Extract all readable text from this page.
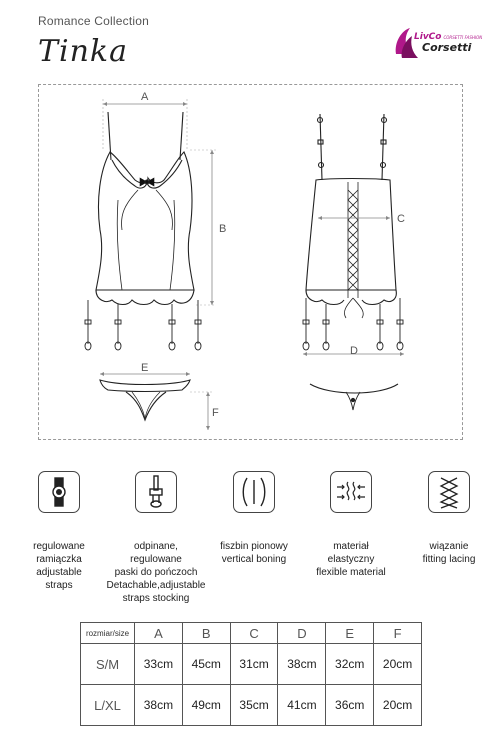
Romance Collection
Tinka	LivCo CORSETTI FASHION
Corsetti
A
B
E
F
C
D
regulowane
ramiączka
adjustable
straps
odpinane,
regulowane
paski do pończoch
Detachable,adjustable
straps stocking
fiszbin pionowy
vertical boning
materiał
elastyczny
flexible material
wiązanie
fitting lacing
rozmiar/size	A	B	C	D	E	F
S/M	33cm	45cm	31cm	38cm	32cm	20cm
L/XL	38cm	49cm	35cm	41cm	36cm	20cm
